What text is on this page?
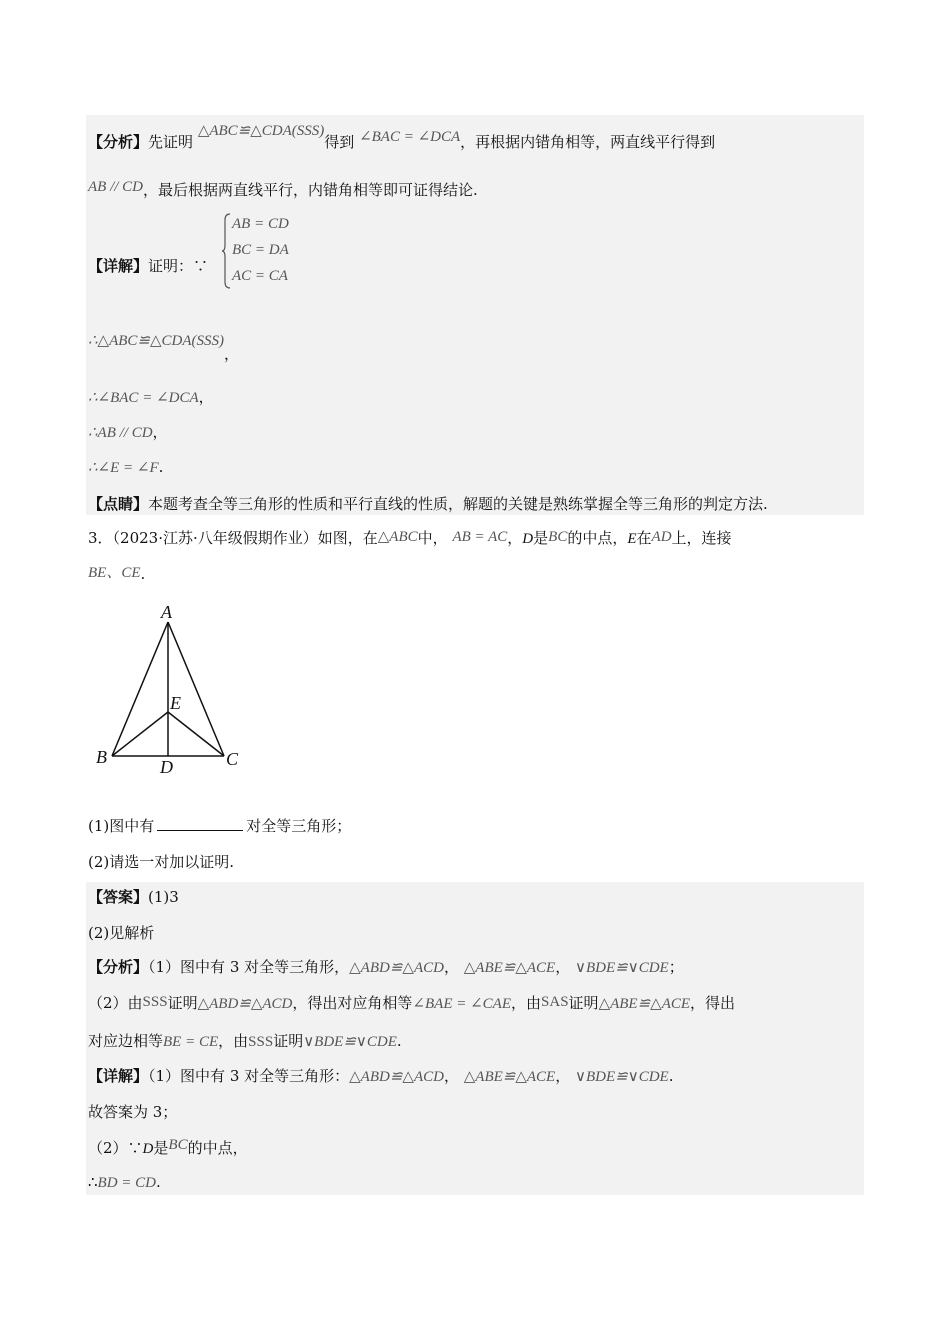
【分析】先证明 △ABC≌△CDA(SSS)得到 ∠BAC = ∠DCA，再根据内错角相等，两直线平行得到
AB // CD，最后根据两直线平行，内错角相等即可证得结论.
【详解】证明：∵
AB = CD
BC = DA
AC = CA
∴△ABC≌△CDA(SSS)，
∴∠BAC = ∠DCA，
∴AB // CD，
∴∠E = ∠F.
【点睛】本题考查全等三角形的性质和平行直线的性质，解题的关键是熟练掌握全等三角形的判定方法.
3．（2023·江苏·八年级假期作业）如图，在△ABC中， AB = AC，D是BC的中点，E在AD上，连接
BE、CE.
A
B	C
D
E
(1)图中有	对全等三角形；
(2)请选一对加以证明.
【答案】(1)3
(2)见解析
【分析】（1）图中有 3 对全等三角形，△ABD≌△ACD， △ABE≌△ACE， ∨BDE≌∨CDE；
（2）由SSS证明△ABD≌△ACD，得出对应角相等∠BAE = ∠CAE，由SAS证明△ABE≌△ACE，得出
对应边相等BE = CE，由SSS证明∨BDE≌∨CDE.
【详解】（1）图中有 3 对全等三角形：△ABD≌△ACD， △ABE≌△ACE， ∨BDE≌∨CDE.
故答案为 3；
（2）∵D是BC的中点，
∴BD = CD.
